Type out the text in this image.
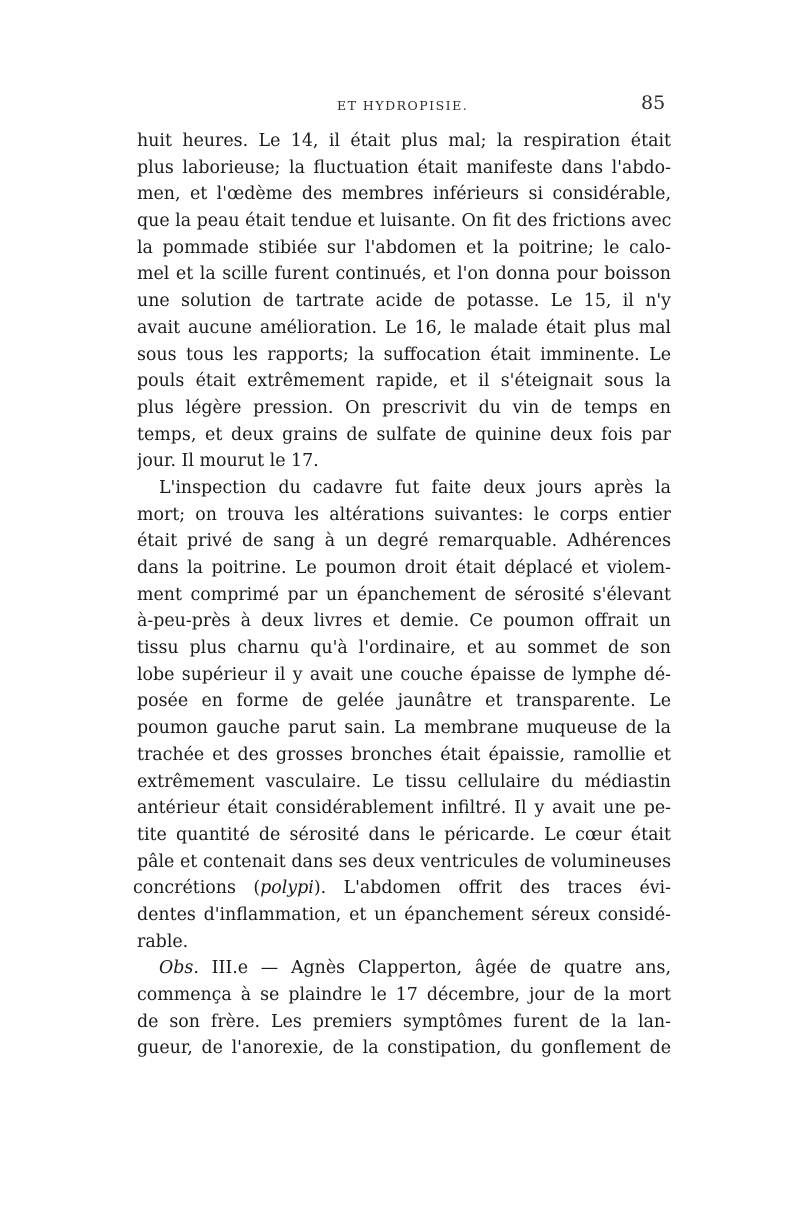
ET HYDROPISIE.	85
huit heures. Le 14, il était plus mal; la respiration était
plus laborieuse; la fluctuation était manifeste dans l'abdo-
men, et l'œdème des membres inférieurs si considérable,
que la peau était tendue et luisante. On fit des frictions avec
la pommade stibiée sur l'abdomen et la poitrine; le calo-
mel et la scille furent continués, et l'on donna pour boisson
une solution de tartrate acide de potasse. Le 15, il n'y
avait aucune amélioration. Le 16, le malade était plus mal
sous tous les rapports; la suffocation était imminente. Le
pouls était extrêmement rapide, et il s'éteignait sous la
plus légère pression. On prescrivit du vin de temps en
temps, et deux grains de sulfate de quinine deux fois par
jour. Il mourut le 17.
L'inspection du cadavre fut faite deux jours après la
mort; on trouva les altérations suivantes: le corps entier
était privé de sang à un degré remarquable. Adhérences
dans la poitrine. Le poumon droit était déplacé et violem-
ment comprimé par un épanchement de sérosité s'élevant
à-peu-près à deux livres et demie. Ce poumon offrait un
tissu plus charnu qu'à l'ordinaire, et au sommet de son
lobe supérieur il y avait une couche épaisse de lymphe dé-
posée en forme de gelée jaunâtre et transparente. Le
poumon gauche parut sain. La membrane muqueuse de la
trachée et des grosses bronches était épaissie, ramollie et
extrêmement vasculaire. Le tissu cellulaire du médiastin
antérieur était considérablement infiltré. Il y avait une pe-
tite quantité de sérosité dans le péricarde. Le cœur était
pâle et contenait dans ses deux ventricules de volumineuses
concrétions (polypi). L'abdomen offrit des traces évi-
dentes d'inflammation, et un épanchement séreux considé-
rable.
Obs. III.e — Agnès Clapperton, âgée de quatre ans,
commença à se plaindre le 17 décembre, jour de la mort
de son frère. Les premiers symptômes furent de la lan-
gueur, de l'anorexie, de la constipation, du gonflement de
